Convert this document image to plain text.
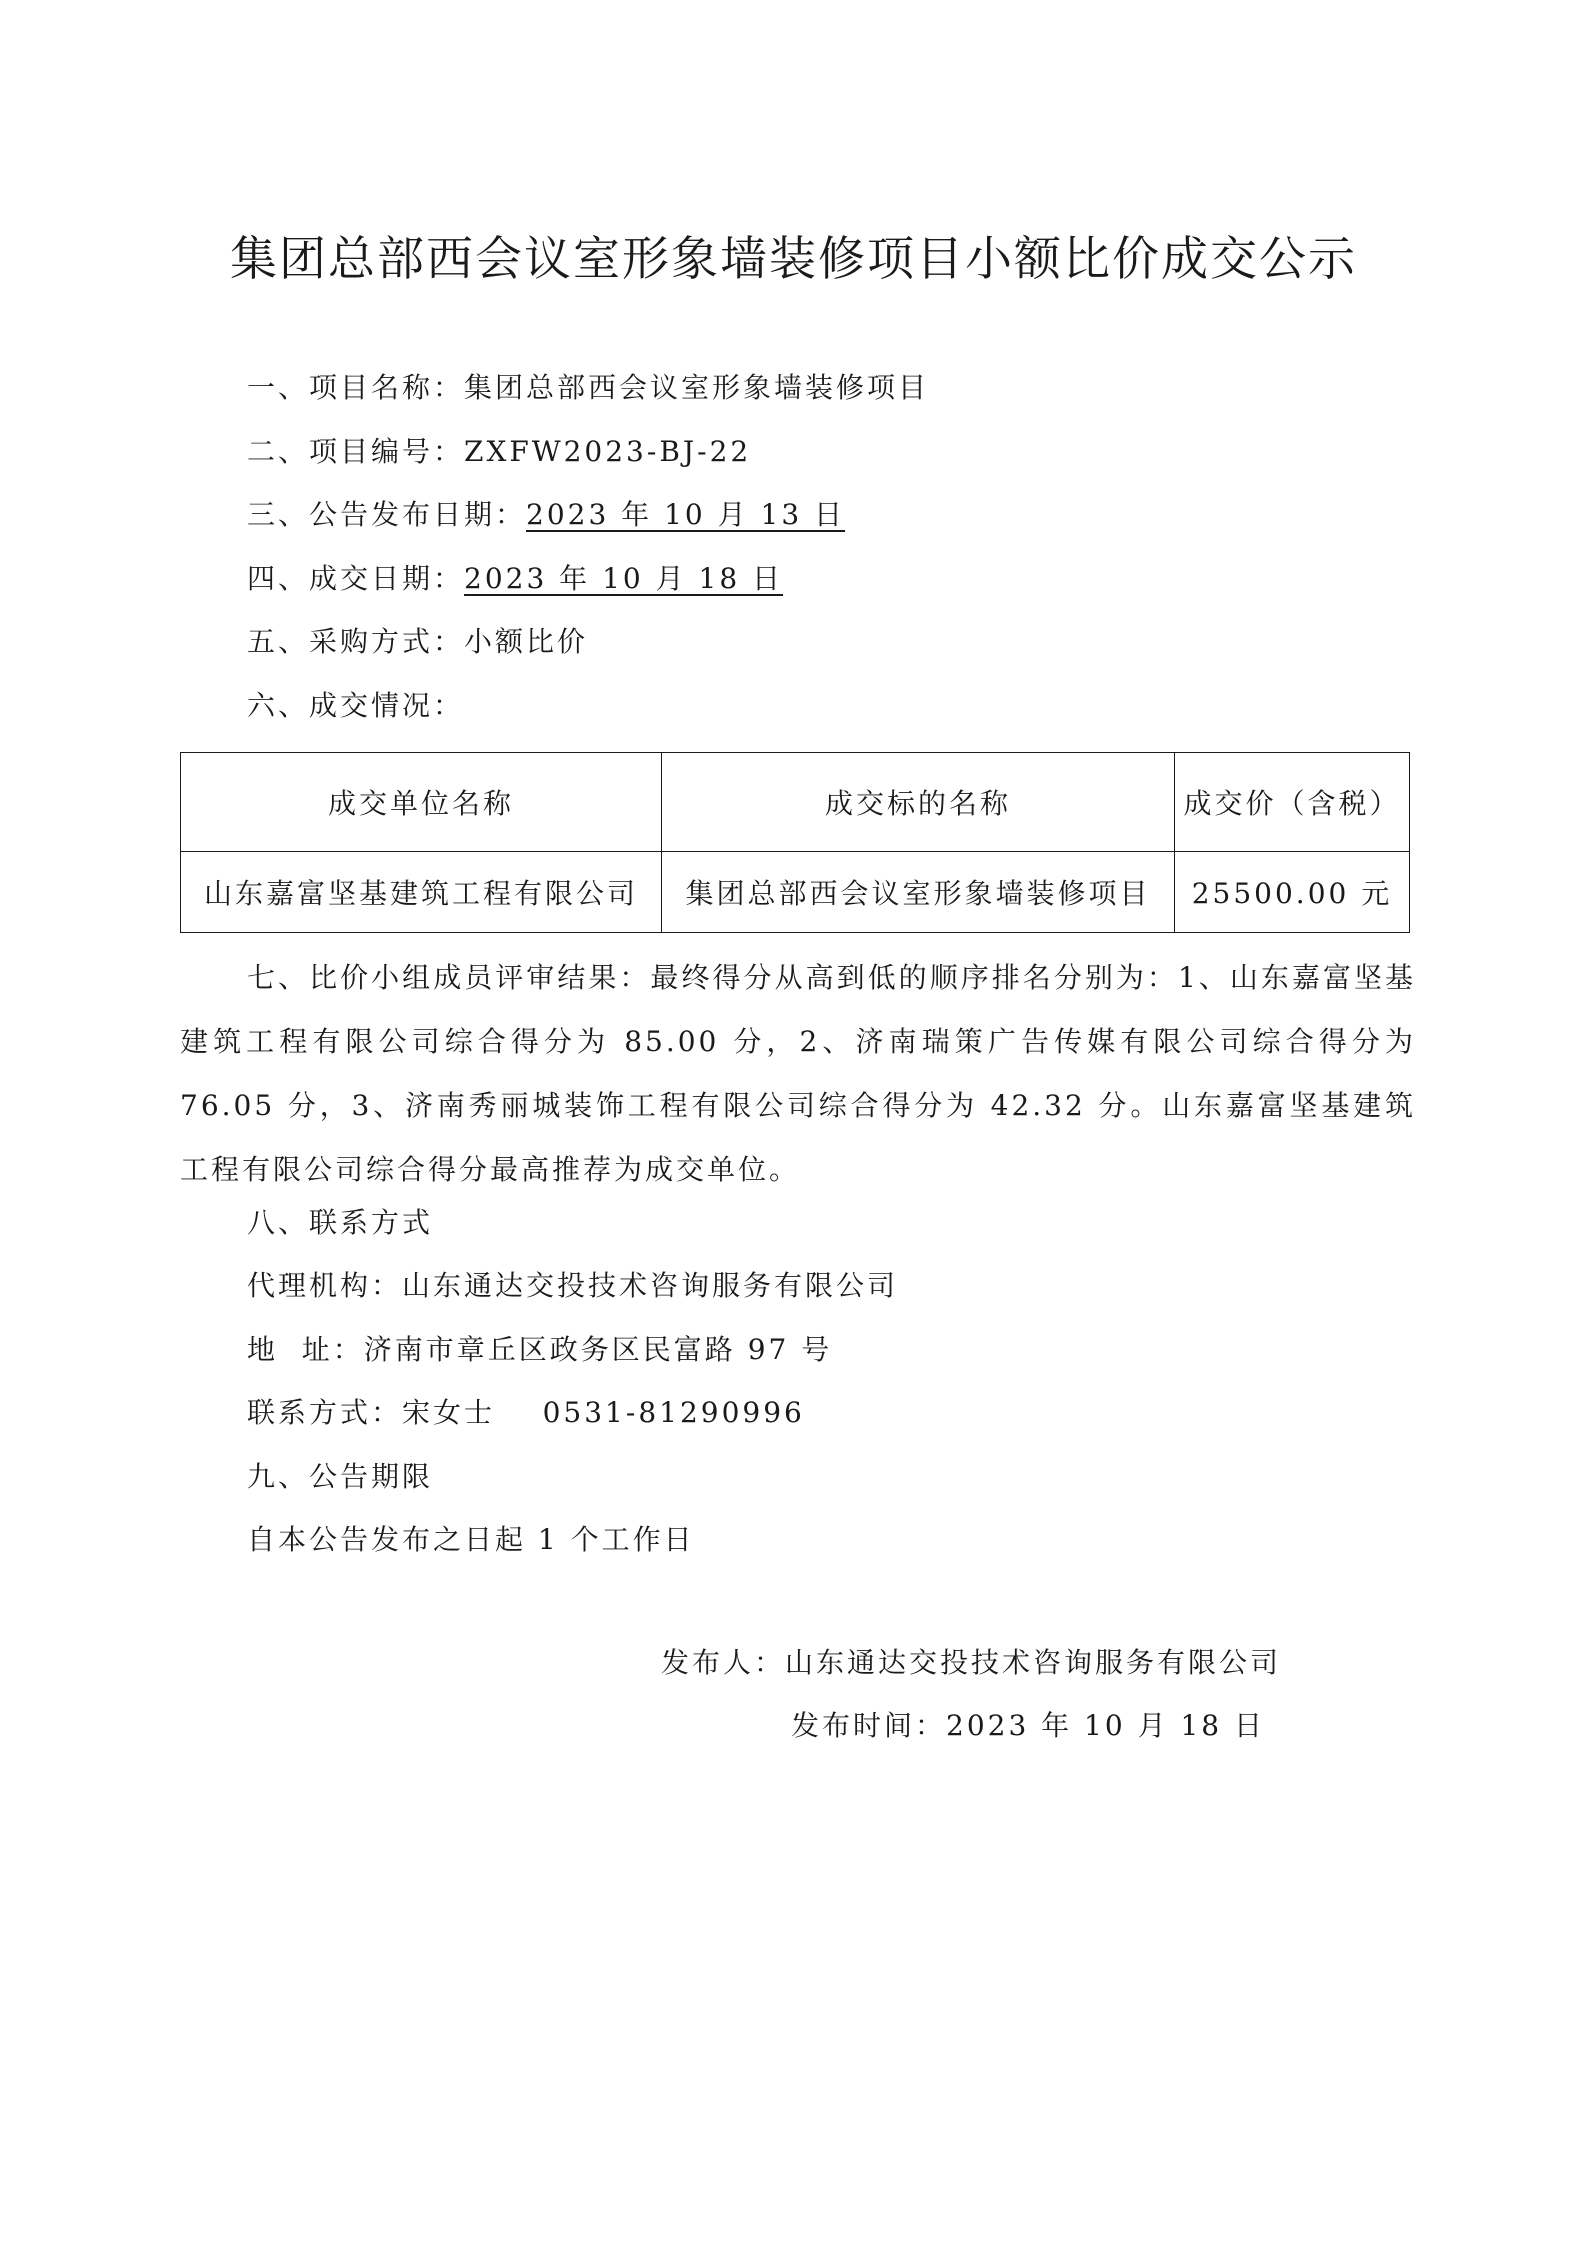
集团总部西会议室形象墙装修项目小额比价成交公示
一、项目名称：集团总部西会议室形象墙装修项目
二、项目编号：ZXFW2023-BJ-22
三、公告发布日期：2023 年 10 月 13 日
四、成交日期：2023 年 10 月 18 日
五、采购方式：小额比价
六、成交情况：
成交单位名称	成交标的名称	成交价（含税）
山东嘉富坚基建筑工程有限公司	集团总部西会议室形象墙装修项目	25500.00 元

七、比价小组成员评审结果：最终得分从高到低的顺序排名分别为：1、山东嘉富坚基建筑工程有限公司综合得分为 85.00 分，2、济南瑞策广告传媒有限公司综合得分为 76.05 分，3、济南秀丽城装饰工程有限公司综合得分为 42.32 分。山东嘉富坚基建筑工程有限公司综合得分最高推荐为成交单位。

八、联系方式
代理机构：山东通达交投技术咨询服务有限公司
地  址：济南市章丘区政务区民富路 97 号
联系方式：宋女士    0531-81290996
九、公告期限
自本公告发布之日起 1 个工作日
发布人：山东通达交投技术咨询服务有限公司
发布时间：2023 年 10 月 18 日
